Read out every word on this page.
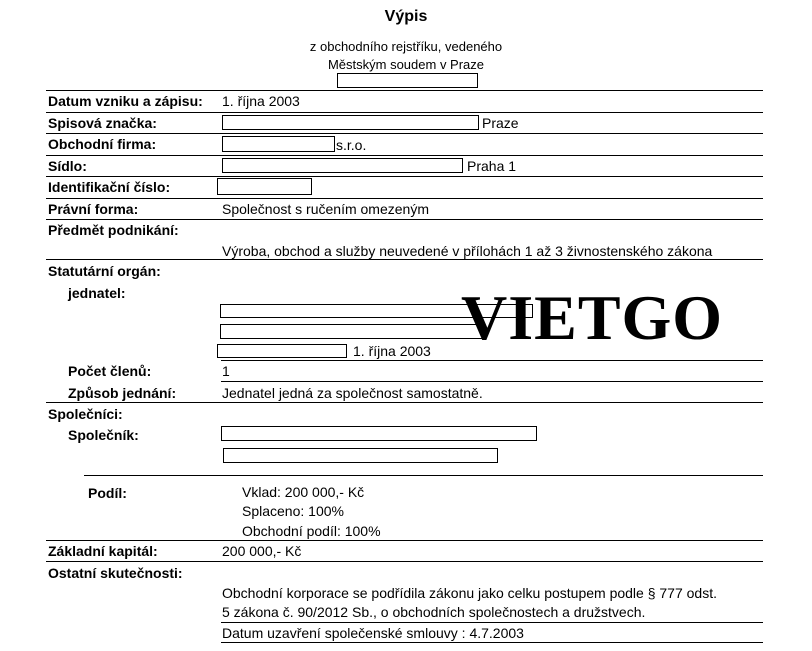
Výpis
z obchodního rejstříku, vedeného
Městským soudem v Praze
Datum vzniku a zápisu: 1. října 2003
Spisová značka:	Praze
Obchodní firma:	s.r.o.
Sídlo:	Praha 1
Identifikační číslo:
Právní forma:	Společnost s ručením omezeným
Předmět podnikání:
Výroba, obchod a služby neuvedené v přílohách 1 až 3 živnostenského zákona
Statutární orgán:
jednatel:
1. října 2003 VIETGO
Počet členů:	1
Způsob jednání:	Jednatel jedná za společnost samostatně.
Společníci:
Společník:
Podíl:	Vklad: 200 000,- Kč
Splaceno: 100%
Obchodní podíl: 100%
Základní kapitál:	200 000,- Kč
Ostatní skutečnosti:
Obchodní korporace se podřídila zákonu jako celku postupem podle § 777 odst.
5 zákona č. 90/2012 Sb., o obchodních společnostech a družstvech.
Datum uzavření společenské smlouvy : 4.7.2003
